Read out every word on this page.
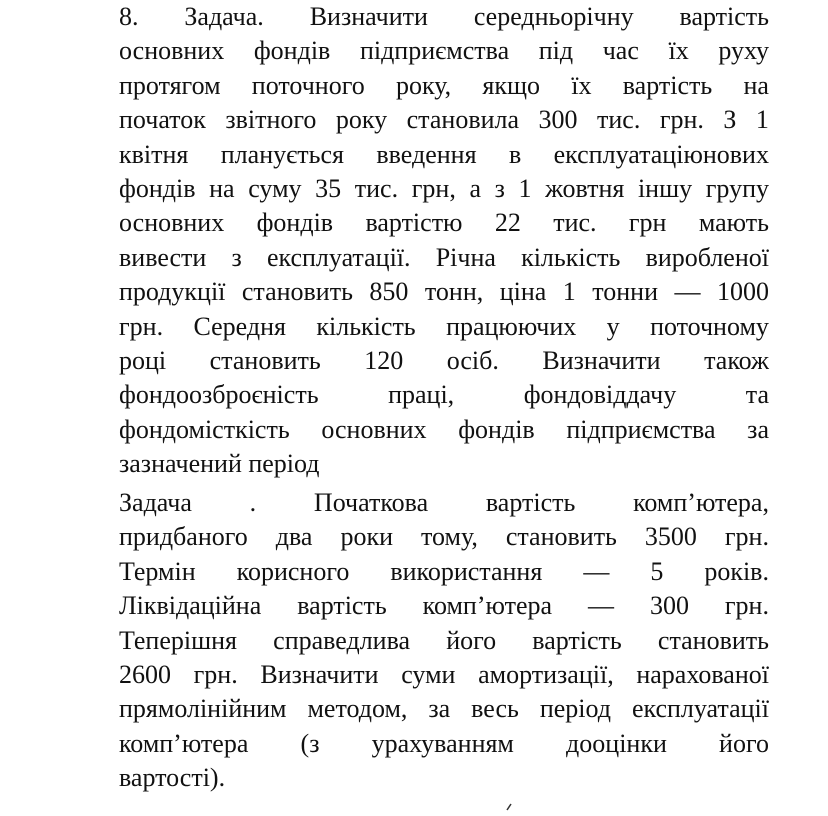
8. Задача. Визначити середньорічну вартість
основних фондів підприємства під час їх руху
протягом поточного року, якщо їх вартість на
початок звітного року становила 300 тис. грн. З 1
квітня планується введення в експлуатаціюнових
фондів на суму 35 тис. грн, а з 1 жовтня іншу групу
основних фондів вартістю 22 тис. грн мають
вивести з експлуатації. Річна кількість виробленої
продукції становить 850 тонн, ціна 1 тонни — 1000
грн. Середня кількість працюючих у поточному
році становить 120 осіб. Визначити також
фондоозброєність	праці,	фондовіддачу	та
фондомісткість основних фондів підприємства за
зазначений період
Задача . Початкова вартість комп’ютера,
придбаного два роки тому, становить 3500 грн.
Термін корисного використання — 5 років.
Ліквідаційна вартість комп’ютера — 300 грн.
Теперішня справедлива його вартість становить
2600 грн. Визначити суми амортизації, нарахованої
прямолінійним методом, за весь період експлуатації
комп’ютера (з урахуванням дооцінки його
вартості).
